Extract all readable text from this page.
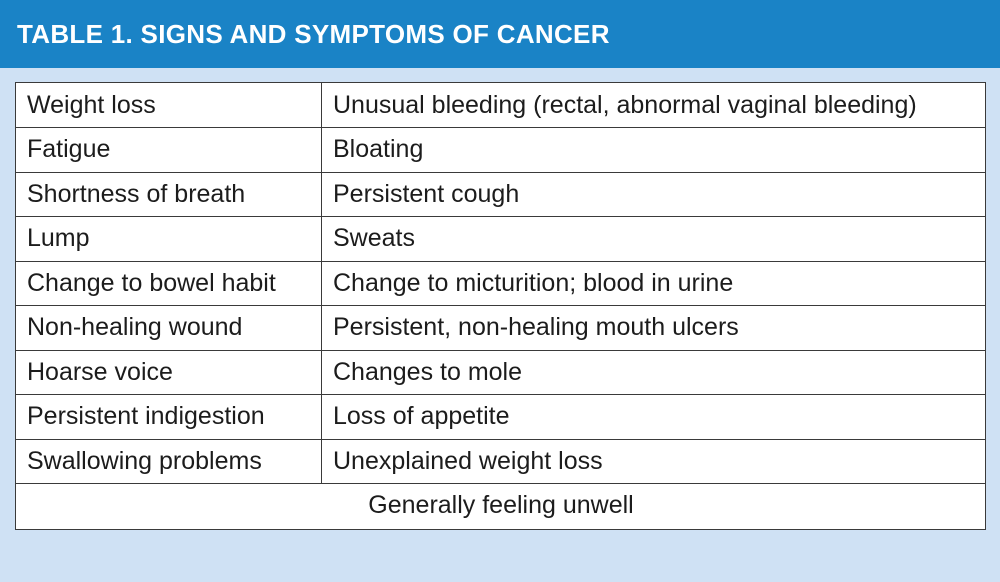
TABLE 1. SIGNS AND SYMPTOMS OF CANCER
Weight loss	Unusual bleeding (rectal, abnormal vaginal bleeding)
Fatigue	Bloating
Shortness of breath	Persistent cough
Lump	Sweats
Change to bowel habit	Change to micturition; blood in urine
Non-healing wound	Persistent, non-healing mouth ulcers
Hoarse voice	Changes to mole
Persistent indigestion	Loss of appetite
Swallowing problems	Unexplained weight loss
Generally feeling unwell	
